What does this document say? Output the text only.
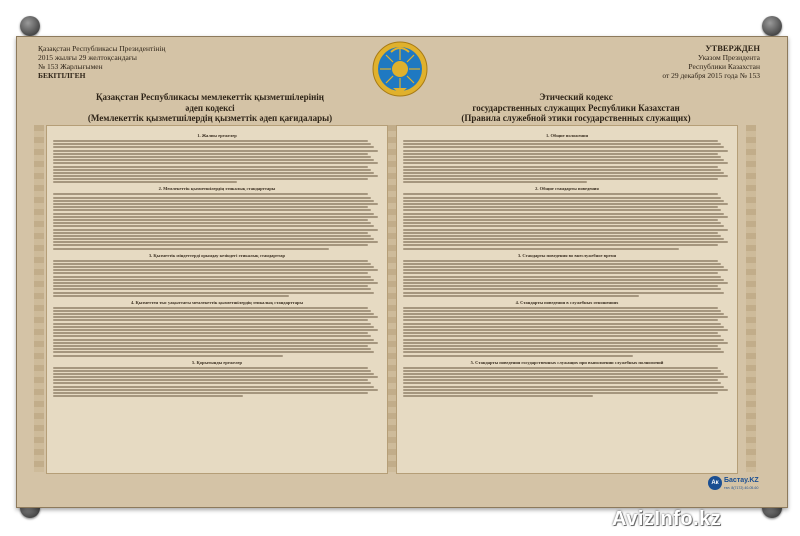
Қазақстан Республикасы Президентінің
2015 жылғы 29 желтоқсандағы
№ 153 Жарлығымен
БЕКІТІЛГЕН
УТВЕРЖДЕН
Указом Президента
Республики Казахстан
от 29 декабря 2015 года № 153
Қазақстан Республикасы мемлекеттік қызметшілерінің
әдеп кодексі
(Мемлекеттік қызметшілердің қызметтік әдеп қағидалары)
Этический кодекс
государственных служащих Республики Казахстан
(Правила служебной этики государственных служащих)
1. Жалпы ережелер
2. Мемлекеттік қызметшілердің этикалық стандарттары
3. Қызметтік міндеттерді орындау кезіндегі этикалық стандарттар
4. Қызметтен тыс уақыттағы мемлекеттік қызметшілердің этикалық стандарттары
5. Қорытынды ережелер
1. Общие положения
2. Общие стандарты поведения
3. Стандарты поведения во внеслужебное время
4. Стандарты поведения в служебных отношениях
5. Стандарты поведения государственных служащих при выполнении служебных полномочий
Ак Бастау.KZ
тел. 8(7172) 40-05-60
AvizInfo.kz
